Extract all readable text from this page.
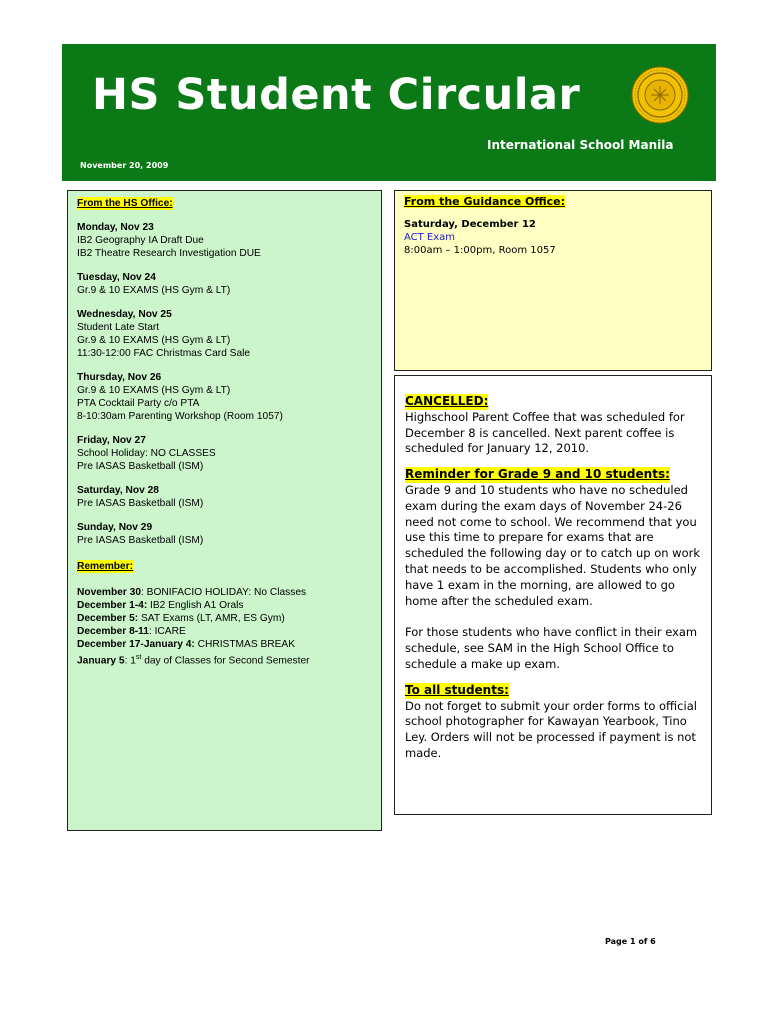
HS Student Circular
International School Manila
November 20, 2009
From the HS Office:
Monday, Nov 23
IB2 Geography IA Draft Due
IB2 Theatre Research Investigation DUE
Tuesday, Nov 24
Gr.9 & 10 EXAMS (HS Gym & LT)
Wednesday, Nov 25
Student Late Start
Gr.9 & 10 EXAMS (HS Gym & LT)
11:30-12:00 FAC Christmas Card Sale
Thursday, Nov 26
Gr.9 & 10 EXAMS (HS Gym & LT)
PTA Cocktail Party c/o PTA
8-10:30am Parenting Workshop (Room 1057)
Friday, Nov 27
School Holiday: NO CLASSES
Pre IASAS Basketball (ISM)
Saturday, Nov 28
Pre IASAS Basketball (ISM)
Sunday, Nov 29
Pre IASAS Basketball (ISM)
Remember:
November 30: BONIFACIO HOLIDAY: No Classes
December 1-4: IB2 English A1 Orals
December 5: SAT Exams (LT, AMR, ES Gym)
December 8-11: ICARE
December 17-January 4: CHRISTMAS BREAK
January 5: 1st day of Classes for Second Semester
From the Guidance Office:
Saturday, December 12
ACT Exam
8:00am – 1:00pm, Room 1057
CANCELLED:

Highschool Parent Coffee that was scheduled for December 8 is cancelled. Next parent coffee is scheduled for January 12, 2010.

Reminder for Grade 9 and 10 students:

Grade 9 and 10 students who have no scheduled exam during the exam days of November 24-26 need not come to school. We recommend that you use this time to prepare for exams that are scheduled the following day or to catch up on work that needs to be accomplished. Students who only have 1 exam in the morning, are allowed to go home after the scheduled exam.

For those students who have conflict in their exam schedule, see SAM in the High School Office to schedule a make up exam.

To all students:

Do not forget to submit your order forms to official school photographer for Kawayan Yearbook, Tino Ley. Orders will not be processed if payment is not made.

Page 1 of 6
